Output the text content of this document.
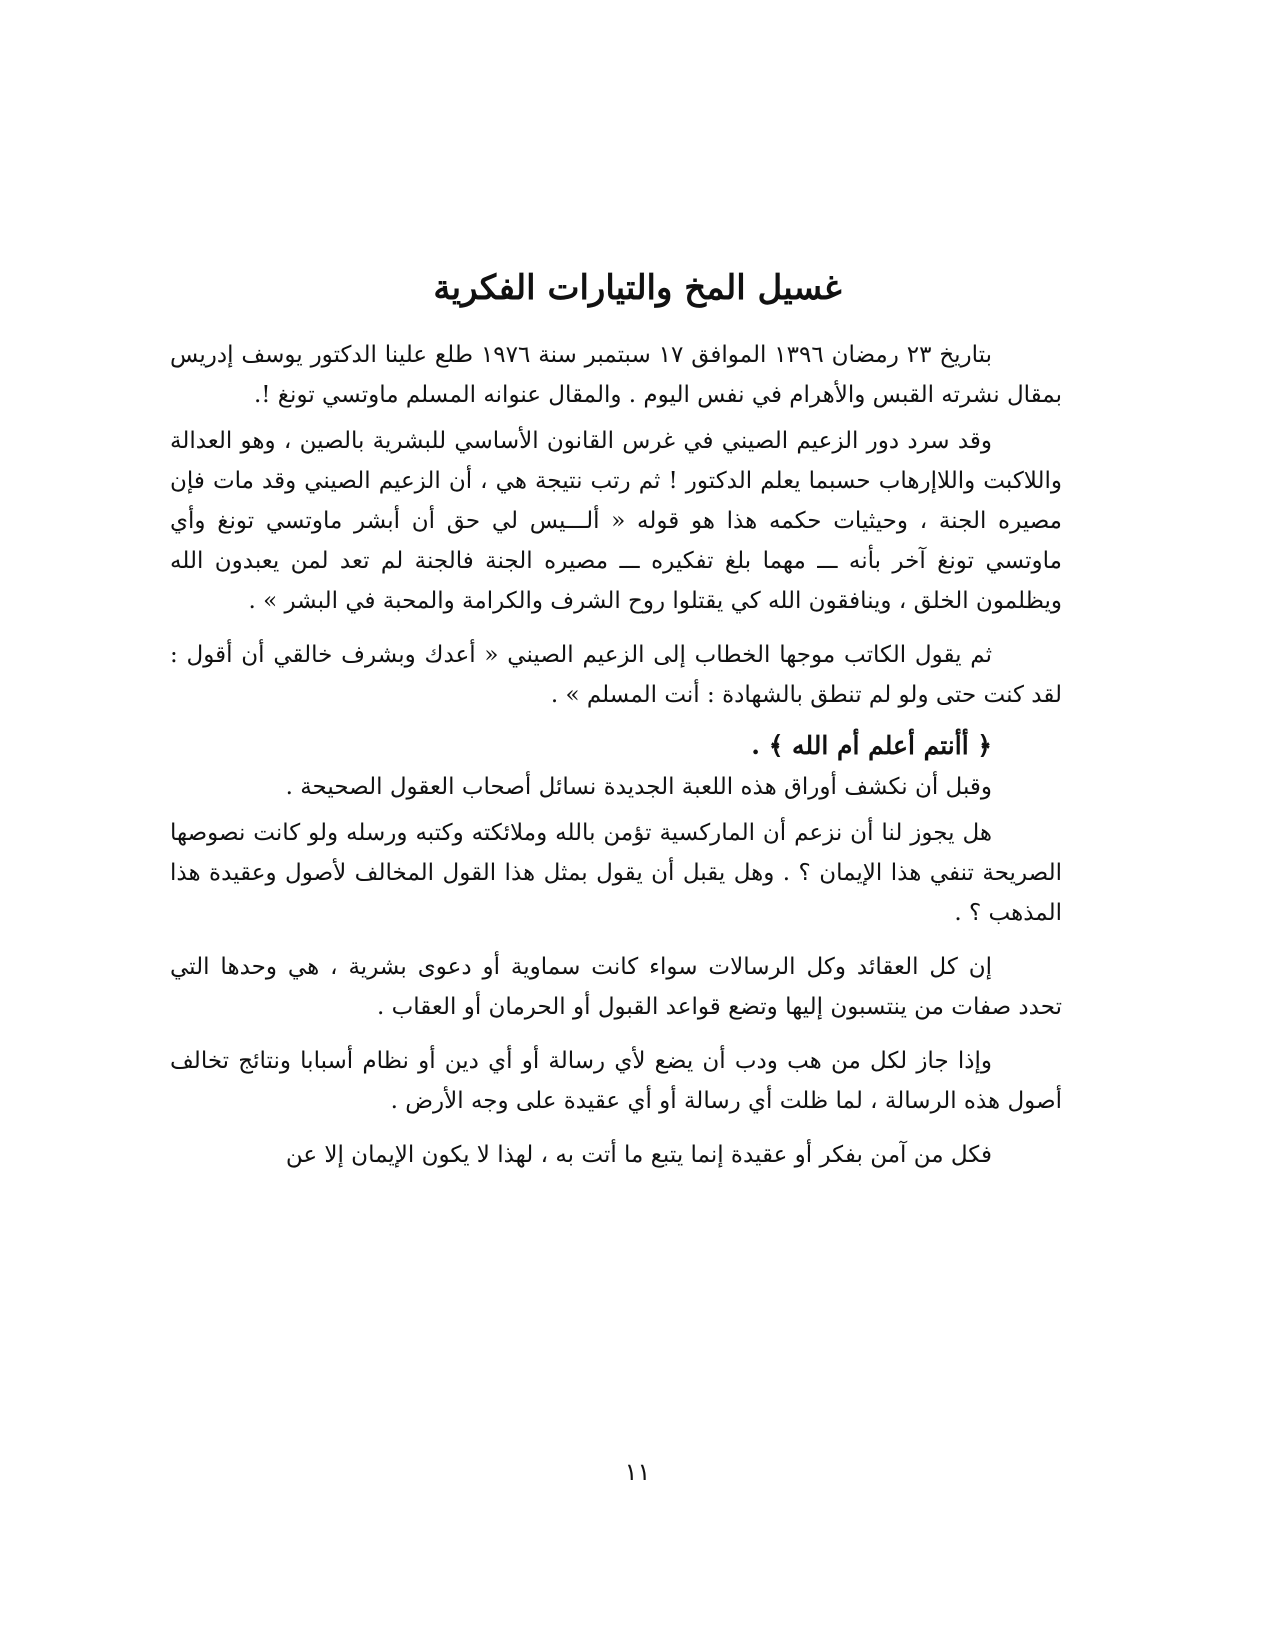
غسيل المخ والتيارات الفكرية

بتاريخ ٢٣ رمضان ١٣٩٦ الموافق ١٧ سبتمبر سنة ١٩٧٦ طلع علينا الدكتور يوسف إدريس بمقال نشرته القبس والأهرام في نفس اليوم . والمقال عنوانه المسلم ماوتسي تونغ !.

وقد سرد دور الزعيم الصيني في غرس القانون الأساسي للبشرية بالصين ، وهو العدالة واللاكبت واللاإرهاب حسبما يعلم الدكتور ! ثم رتب نتيجة هي ، أن الزعيم الصيني وقد مات فإن مصيره الجنة ، وحيثيات حكمه هذا هو قوله « ألـــيس لي حق أن أبشر ماوتسي تونغ وأي ماوتسي تونغ آخر بأنه ـــ مهما بلغ تفكيره ـــ مصيره الجنة فالجنة لم تعد لمن يعبدون الله ويظلمون الخلق ، وينافقون الله كي يقتلوا روح الشرف والكرامة والمحبة في البشر » .

ثم يقول الكاتب موجها الخطاب إلى الزعيم الصيني « أعدك وبشرف خالقي أن أقول : لقد كنت حتى ولو لم تنطق بالشهادة : أنت المسلم » .

﴿ أأنتم أعلم أم الله ﴾ .

وقبل أن نكشف أوراق هذه اللعبة الجديدة نسائل أصحاب العقول الصحيحة .

هل يجوز لنا أن نزعم أن الماركسية تؤمن بالله وملائكته وكتبه ورسله ولو كانت نصوصها الصريحة تنفي هذا الإيمان ؟ . وهل يقبل أن يقول بمثل هذا القول المخالف لأصول وعقيدة هذا المذهب ؟ .

إن كل العقائد وكل الرسالات سواء كانت سماوية أو دعوى بشرية ، هي وحدها التي تحدد صفات من ينتسبون إليها وتضع قواعد القبول أو الحرمان أو العقاب .

وإذا جاز لكل من هب ودب أن يضع لأي رسالة أو أي دين أو نظام أسبابا ونتائج تخالف أصول هذه الرسالة ، لما ظلت أي رسالة أو أي عقيدة على وجه الأرض .

فكل من آمن بفكر أو عقيدة إنما يتبع ما أتت به ، لهذا لا يكون الإيمان إلا عن

١١
